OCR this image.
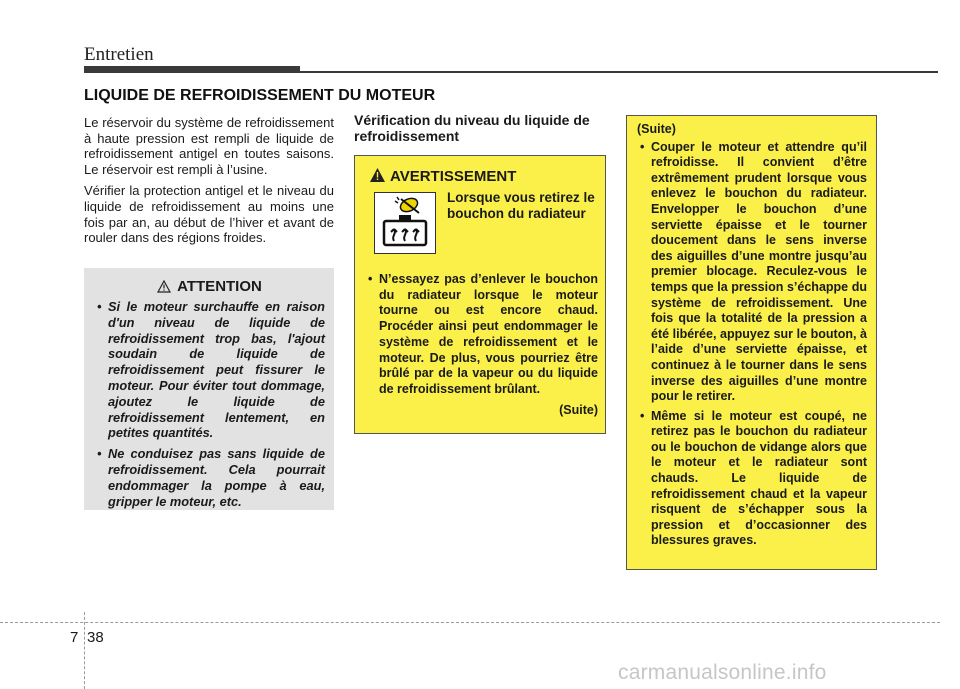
Entretien
LIQUIDE DE REFROIDISSEMENT DU MOTEUR

Le réservoir du système de refroidissement à haute pression est rempli de liquide de refroidissement antigel en toutes saisons. Le réservoir est rempli à l’usine.

Vérifier la protection antigel et le niveau du liquide de refroidissement au moins une fois par an, au début de l’hiver et avant de rouler dans des régions froides.

ATTENTION
• Si le moteur surchauffe en raison d'un niveau de liquide de refroidissement trop bas, l'ajout soudain de liquide de refroidissement peut fissurer le moteur. Pour éviter tout dommage, ajoutez le liquide de refroidissement lentement, en petites quantités.
• Ne conduisez pas sans liquide de refroidissement. Cela pourrait endommager la pompe à eau, gripper le moteur, etc.
Vérification du niveau du liquide de refroidissement
AVERTISSEMENT
Lorsque vous retirez le bouchon du radiateur
• N’essayez pas d’enlever le bouchon du radiateur lorsque le moteur tourne ou est encore chaud. Procéder ainsi peut endommager le système de refroidissement et le moteur. De plus, vous pourriez être brûlé par de la vapeur ou du liquide de refroidissement brûlant.
(Suite)
(Suite)
• Couper le moteur et attendre qu’il refroidisse. Il convient d’être extrêmement prudent lorsque vous enlevez le bouchon du radiateur. Envelopper le bouchon d’une serviette épaisse et le tourner doucement dans le sens inverse des aiguilles d’une montre jusqu’au premier blocage. Reculez-vous le temps que la pression s’échappe du système de refroidissement. Une fois que la totalité de la pression a été libérée, appuyez sur le bouton, à l’aide d’une serviette épaisse, et continuez à le tourner dans le sens inverse des aiguilles d’une montre pour le retirer.
• Même si le moteur est coupé, ne retirez pas le bouchon du radiateur ou le bouchon de vidange alors que le moteur et le radiateur sont chauds. Le liquide de refroidissement chaud et la vapeur risquent de s’échapper sous la pression et d’occasionner des blessures graves.
7 38
carmanualsonline.info
